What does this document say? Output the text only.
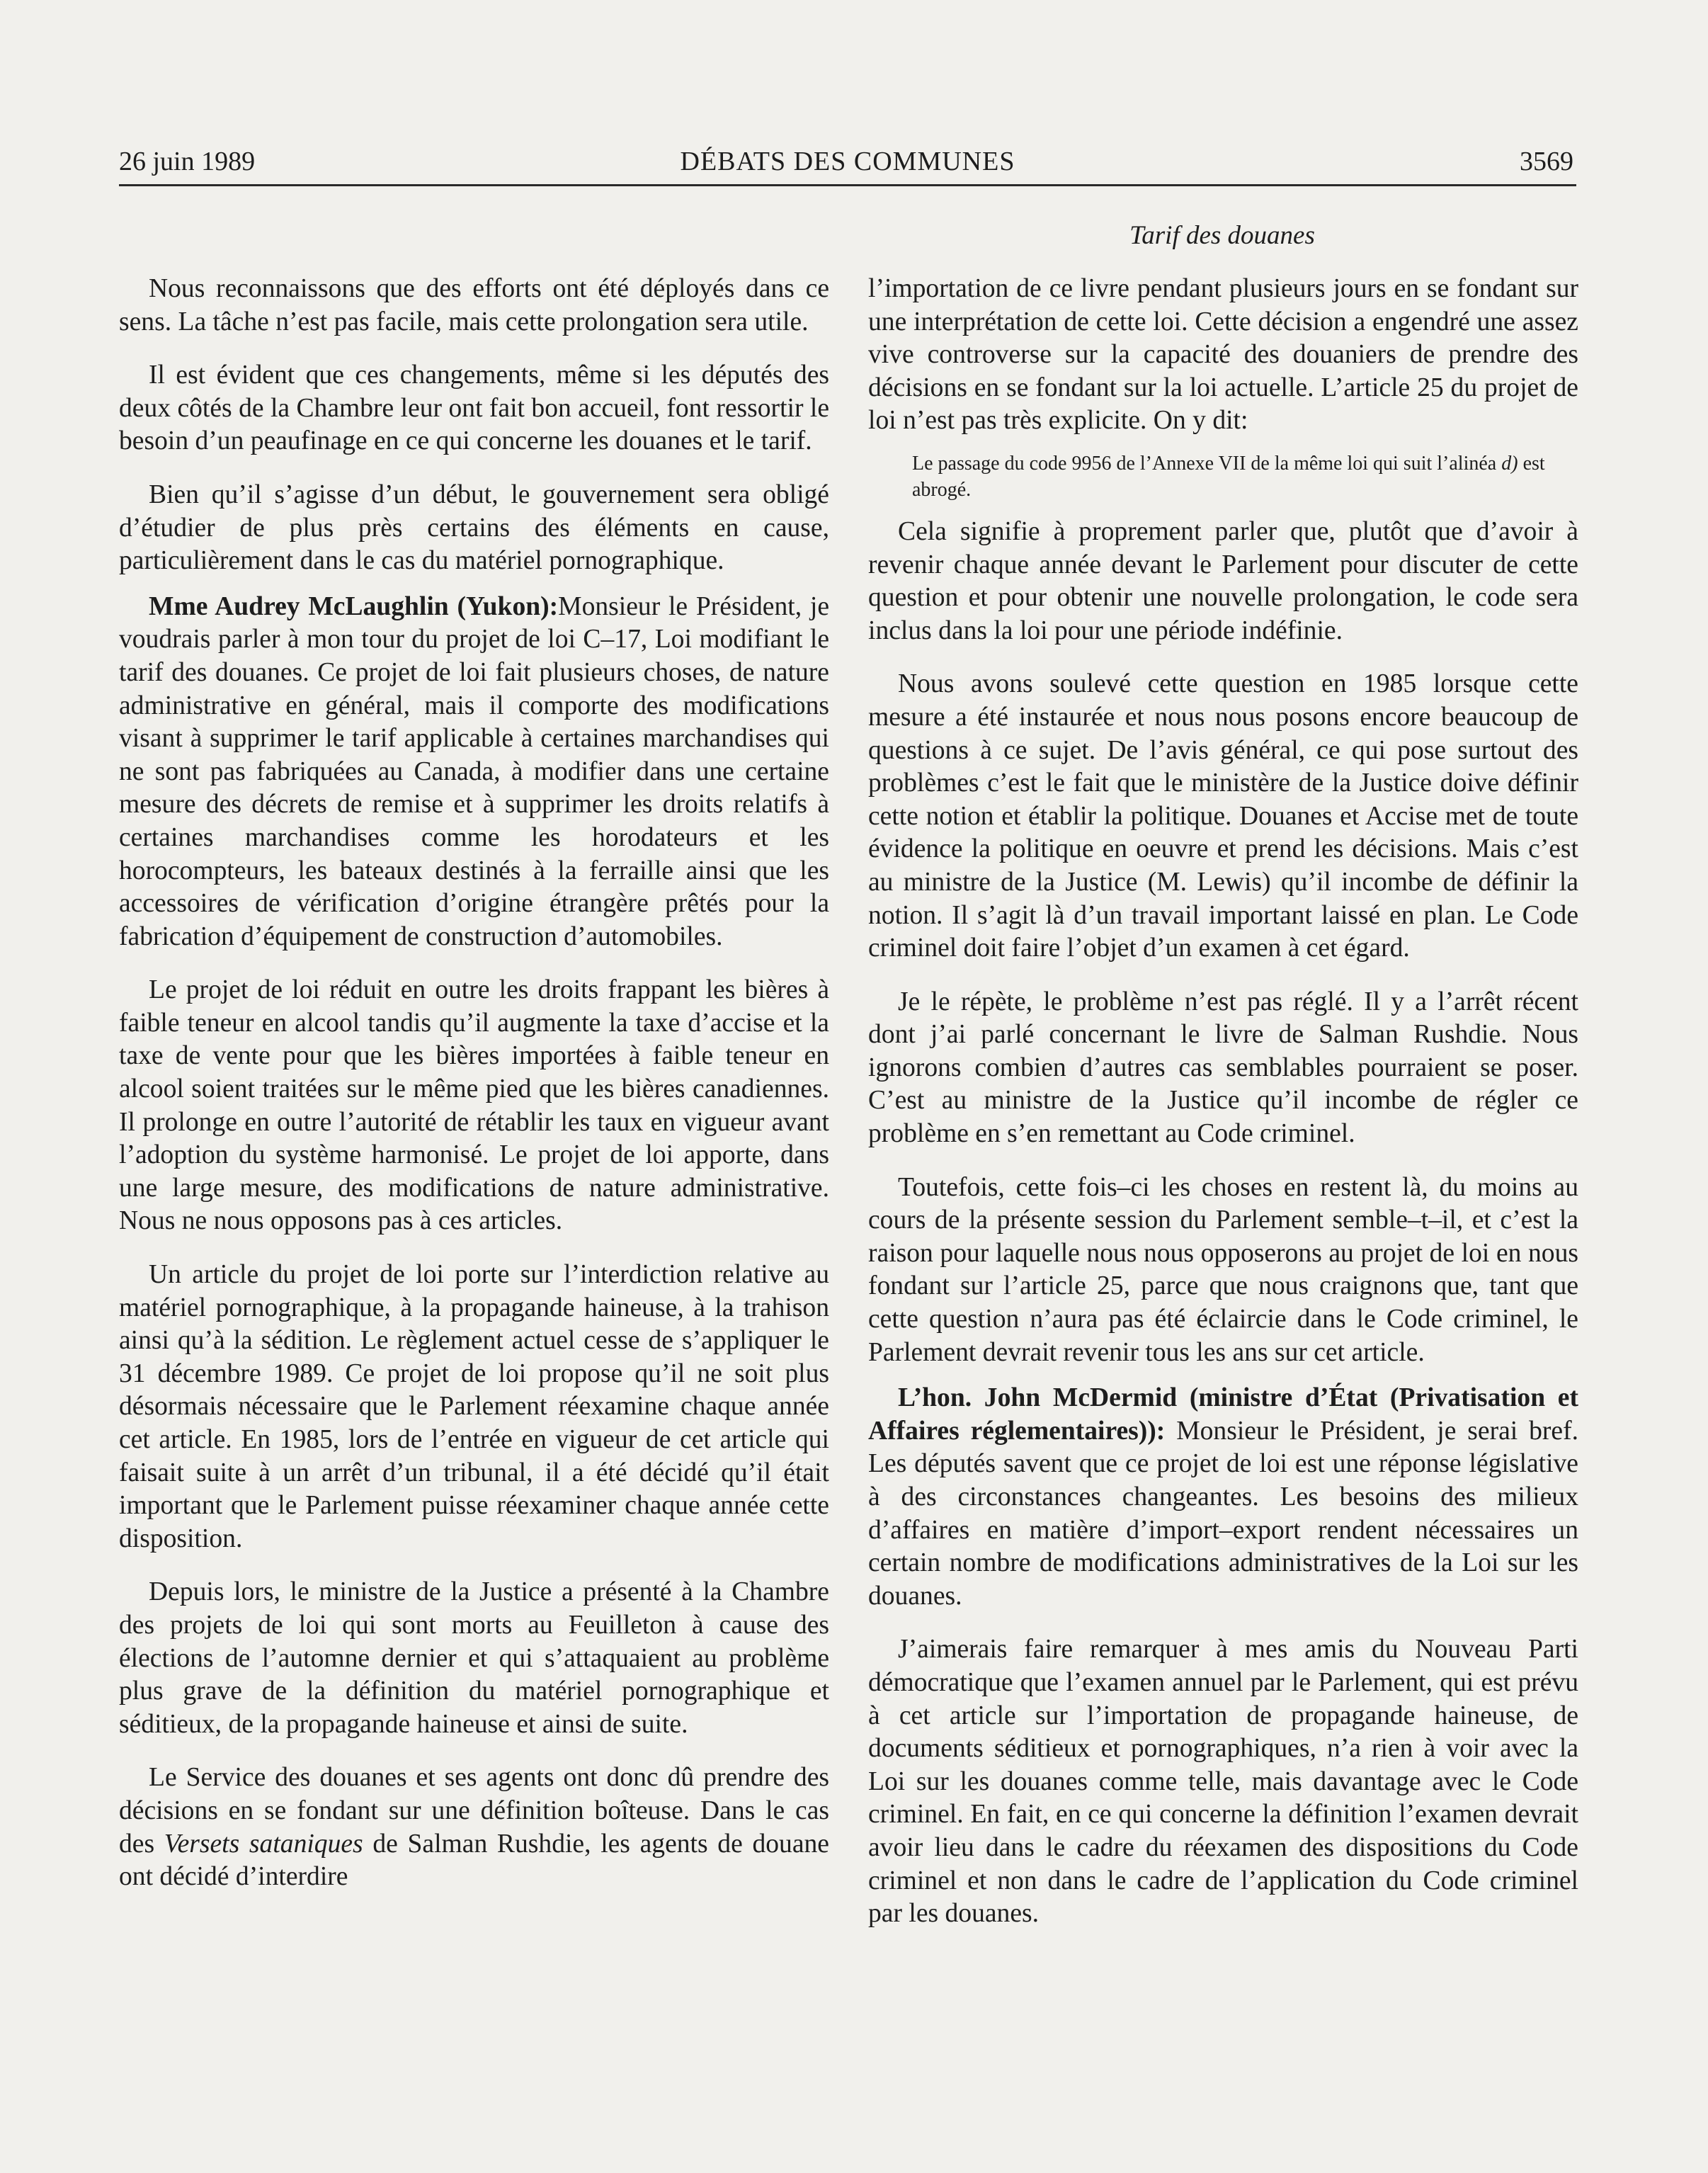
26 juin 1989	DÉBATS DES COMMUNES	3569
Tarif des douanes

Nous reconnaissons que des efforts ont été déployés dans ce sens. La tâche n’est pas facile, mais cette prolongation sera utile.

Il est évident que ces changements, même si les députés des deux côtés de la Chambre leur ont fait bon accueil, font ressortir le besoin d’un peaufinage en ce qui concerne les douanes et le tarif.

Bien qu’il s’agisse d’un début, le gouvernement sera obligé d’étudier de plus près certains des éléments en cause, particulièrement dans le cas du matériel pornographique.

Mme Audrey McLaughlin (Yukon):Monsieur le Président, je voudrais parler à mon tour du projet de loi C–17, Loi modifiant le tarif des douanes. Ce projet de loi fait plusieurs choses, de nature administrative en général, mais il comporte des modifications visant à supprimer le tarif applicable à certaines marchandises qui ne sont pas fabriquées au Canada, à modifier dans une certaine mesure des décrets de remise et à supprimer les droits relatifs à certaines marchandises comme les horodateurs et les horocompteurs, les bateaux destinés à la ferraille ainsi que les accessoires de vérification d’origine étrangère prêtés pour la fabrication d’équipement de construction d’automobiles.

Le projet de loi réduit en outre les droits frappant les bières à faible teneur en alcool tandis qu’il augmente la taxe d’accise et la taxe de vente pour que les bières importées à faible teneur en alcool soient traitées sur le même pied que les bières canadiennes. Il prolonge en outre l’autorité de rétablir les taux en vigueur avant l’adoption du système harmonisé. Le projet de loi apporte, dans une large mesure, des modifications de nature administrative. Nous ne nous opposons pas à ces articles.

Un article du projet de loi porte sur l’interdiction relative au matériel pornographique, à la propagande haineuse, à la trahison ainsi qu’à la sédition. Le règlement actuel cesse de s’appliquer le 31 décembre 1989. Ce projet de loi propose qu’il ne soit plus désormais nécessaire que le Parlement réexamine chaque année cet article. En 1985, lors de l’entrée en vigueur de cet article qui faisait suite à un arrêt d’un tribunal, il a été décidé qu’il était important que le Parlement puisse réexaminer chaque année cette disposition.

Depuis lors, le ministre de la Justice a présenté à la Chambre des projets de loi qui sont morts au Feuilleton à cause des élections de l’automne dernier et qui s’attaquaient au problème plus grave de la définition du matériel pornographique et séditieux, de la propagande haineuse et ainsi de suite.

Le Service des douanes et ses agents ont donc dû prendre des décisions en se fondant sur une définition boîteuse. Dans le cas des Versets sataniques de Salman Rushdie, les agents de douane ont décidé d’interdire

l’importation de ce livre pendant plusieurs jours en se fondant sur une interprétation de cette loi. Cette décision a engendré une assez vive controverse sur la capacité des douaniers de prendre des décisions en se fondant sur la loi actuelle. L’article 25 du projet de loi n’est pas très explicite. On y dit:

Le passage du code 9956 de l’Annexe VII de la même loi qui suit l’alinéa d) est abrogé.

Cela signifie à proprement parler que, plutôt que d’avoir à revenir chaque année devant le Parlement pour discuter de cette question et pour obtenir une nouvelle prolongation, le code sera inclus dans la loi pour une période indéfinie.

Nous avons soulevé cette question en 1985 lorsque cette mesure a été instaurée et nous nous posons encore beaucoup de questions à ce sujet. De l’avis général, ce qui pose surtout des problèmes c’est le fait que le ministère de la Justice doive définir cette notion et établir la politique. Douanes et Accise met de toute évidence la politique en oeuvre et prend les décisions. Mais c’est au ministre de la Justice (M. Lewis) qu’il incombe de définir la notion. Il s’agit là d’un travail important laissé en plan. Le Code criminel doit faire l’objet d’un examen à cet égard.

Je le répète, le problème n’est pas réglé. Il y a l’arrêt récent dont j’ai parlé concernant le livre de Salman Rushdie. Nous ignorons combien d’autres cas semblables pourraient se poser. C’est au ministre de la Justice qu’il incombe de régler ce problème en s’en remettant au Code criminel.

Toutefois, cette fois–ci les choses en restent là, du moins au cours de la présente session du Parlement semble–t–il, et c’est la raison pour laquelle nous nous opposerons au projet de loi en nous fondant sur l’article 25, parce que nous craignons que, tant que cette question n’aura pas été éclaircie dans le Code criminel, le Parlement devrait revenir tous les ans sur cet article.

L’hon. John McDermid (ministre d’État (Privatisation et Affaires réglementaires)): Monsieur le Président, je serai bref. Les députés savent que ce projet de loi est une réponse législative à des circonstances changeantes. Les besoins des milieux d’affaires en matière d’import–export rendent nécessaires un certain nombre de modifications administratives de la Loi sur les douanes.

J’aimerais faire remarquer à mes amis du Nouveau Parti démocratique que l’examen annuel par le Parlement, qui est prévu à cet article sur l’importation de propagande haineuse, de documents séditieux et pornographiques, n’a rien à voir avec la Loi sur les douanes comme telle, mais davantage avec le Code criminel. En fait, en ce qui concerne la définition l’examen devrait avoir lieu dans le cadre du réexamen des dispositions du Code criminel et non dans le cadre de l’application du Code criminel par les douanes.
